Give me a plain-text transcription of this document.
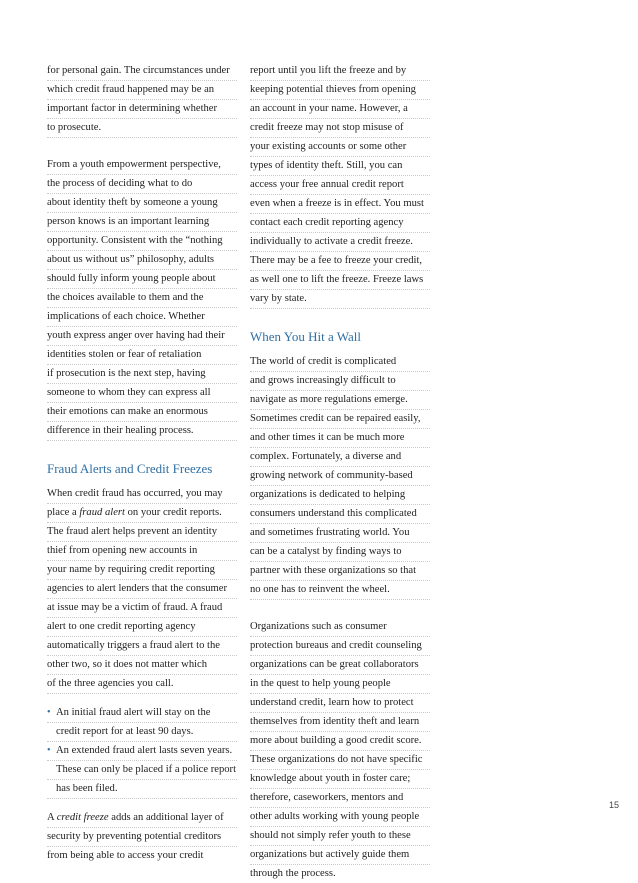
for personal gain. The circumstances under
which credit fraud happened may be an
important factor in determining whether
to prosecute.
From a youth empowerment perspective,
the process of deciding what to do
about identity theft by someone a young
person knows is an important learning
opportunity. Consistent with the “nothing
about us without us” philosophy, adults
should fully inform young people about
the choices available to them and the
implications of each choice. Whether
youth express anger over having had their
identities stolen or fear of retaliation
if prosecution is the next step, having
someone to whom they can express all
their emotions can make an enormous
difference in their healing process.
Fraud Alerts and Credit Freezes
When credit fraud has occurred, you may
place a fraud alert on your credit reports.
The fraud alert helps prevent an identity
thief from opening new accounts in
your name by requiring credit reporting
agencies to alert lenders that the consumer
at issue may be a victim of fraud. A fraud
alert to one credit reporting agency
automatically triggers a fraud alert to the
other two, so it does not matter which
of the three agencies you call.
• An initial fraud alert will stay on the
credit report for at least 90 days.
• An extended fraud alert lasts seven years.
These can only be placed if a police report
has been filed.
A credit freeze adds an additional layer of
security by preventing potential creditors
from being able to access your credit
report until you lift the freeze and by
keeping potential thieves from opening
an account in your name. However, a
credit freeze may not stop misuse of
your existing accounts or some other
types of identity theft. Still, you can
access your free annual credit report
even when a freeze is in effect. You must
contact each credit reporting agency
individually to activate a credit freeze.
There may be a fee to freeze your credit,
as well one to lift the freeze. Freeze laws
vary by state.
When You Hit a Wall
The world of credit is complicated
and grows increasingly difficult to
navigate as more regulations emerge.
Sometimes credit can be repaired easily,
and other times it can be much more
complex. Fortunately, a diverse and
growing network of community-based
organizations is dedicated to helping
consumers understand this complicated
and sometimes frustrating world. You
can be a catalyst by finding ways to
partner with these organizations so that
no one has to reinvent the wheel.
Organizations such as consumer
protection bureaus and credit counseling
organizations can be great collaborators
in the quest to help young people
understand credit, learn how to protect
themselves from identity theft and learn
more about building a good credit score.
These organizations do not have specific
knowledge about youth in foster care;
therefore, caseworkers, mentors and
other adults working with young people
should not simply refer youth to these
organizations but actively guide them
through the process.
15
